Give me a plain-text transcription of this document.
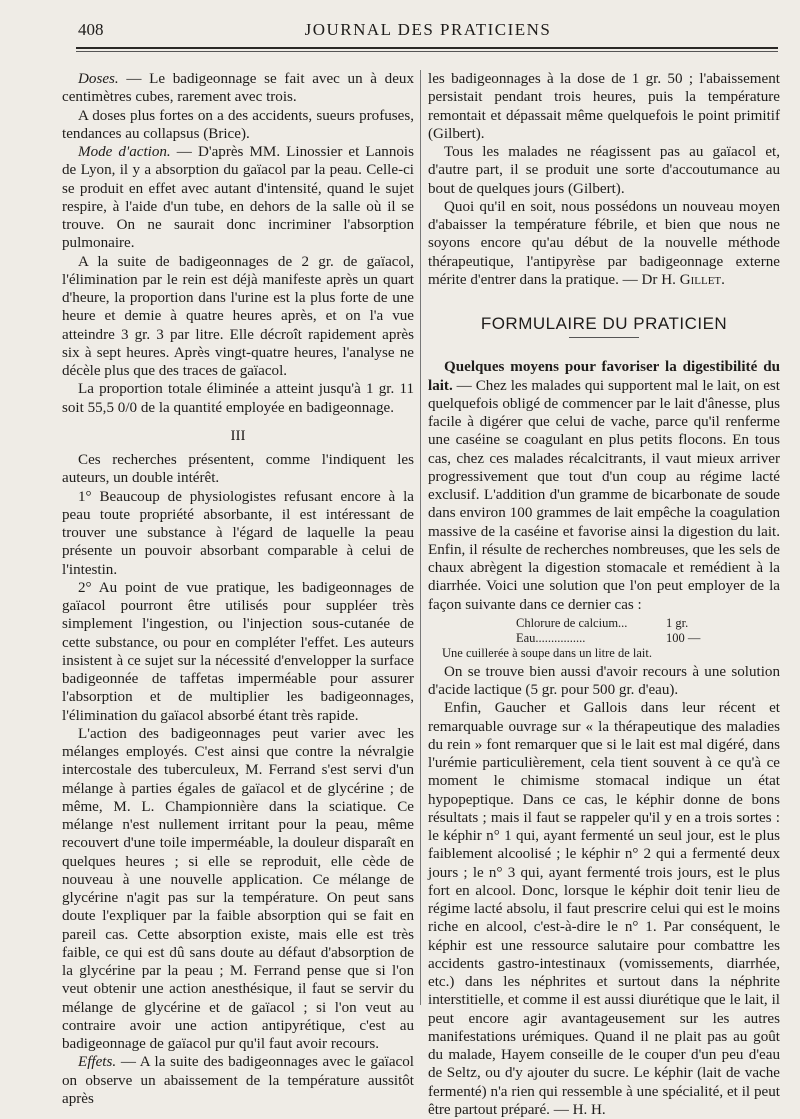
408	JOURNAL DES PRATICIENS

Doses. — Le badigeonnage se fait avec un à deux centimètres cubes, rarement avec trois.

A doses plus fortes on a des accidents, sueurs profuses, tendances au collapsus (Brice).

Mode d'action. — D'après MM. Linossier et Lannois de Lyon, il y a absorption du gaïacol par la peau. Celle-ci se produit en effet avec autant d'intensité, quand le sujet respire, à l'aide d'un tube, en dehors de la salle où il se trouve. On ne saurait donc incriminer l'absorption pulmonaire.

A la suite de badigeonnages de 2 gr. de gaïacol, l'élimination par le rein est déjà manifeste après un quart d'heure, la proportion dans l'urine est la plus forte de une heure et demie à quatre heures après, et on l'a vue atteindre 3 gr. 3 par litre. Elle décroît rapidement après six à sept heures. Après vingt-quatre heures, l'analyse ne décèle plus que des traces de gaïacol.

La proportion totale éliminée a atteint jusqu'à 1 gr. 11 soit 55,5 0/0 de la quantité employée en badigeonnage.

III

Ces recherches présentent, comme l'indiquent les auteurs, un double intérêt.

1° Beaucoup de physiologistes refusant encore à la peau toute propriété absorbante, il est intéressant de trouver une substance à l'égard de laquelle la peau présente un pouvoir absorbant comparable à celui de l'intestin.

2° Au point de vue pratique, les badigeonnages de gaïacol pourront être utilisés pour suppléer très simplement l'ingestion, ou l'injection sous-cutanée de cette substance, ou pour en compléter l'effet. Les auteurs insistent à ce sujet sur la nécessité d'envelopper la surface badigeonnée de taffetas imperméable pour assurer l'absorption et de multiplier les badigeonnages, l'élimination du gaïacol absorbé étant très rapide.

L'action des badigeonnages peut varier avec les mélanges employés. C'est ainsi que contre la névralgie intercostale des tuberculeux, M. Ferrand s'est servi d'un mélange à parties égales de gaïacol et de glycérine ; de même, M. L. Championnière dans la sciatique. Ce mélange n'est nullement irritant pour la peau, même recouvert d'une toile imperméable, la douleur disparaît en quelques heures ; si elle se reproduit, elle cède de nouveau à une nouvelle application. Ce mélange de glycérine n'agit pas sur la température. On peut sans doute l'expliquer par la faible absorption qui se fait en pareil cas. Cette absorption existe, mais elle est très faible, ce qui est dû sans doute au défaut d'absorption de la glycérine par la peau ; M. Ferrand pense que si l'on veut obtenir une action anesthésique, il faut se servir du mélange de glycérine et de gaïacol ; si l'on veut au contraire avoir une action antipyrétique, c'est au badigeonnage de gaïacol pur qu'il faut avoir recours.

Effets. — A la suite des badigeonnages avec le gaïacol on observe un abaissement de la température aussitôt après

les badigeonnages à la dose de 1 gr. 50 ; l'abaissement persistait pendant trois heures, puis la température remontait et dépassait même quelquefois le point primitif (Gilbert).

Tous les malades ne réagissent pas au gaïacol et, d'autre part, il se produit une sorte d'accoutumance au bout de quelques jours (Gilbert).

Quoi qu'il en soit, nous possédons un nouveau moyen d'abaisser la température fébrile, et bien que nous ne soyons encore qu'au début de la nouvelle méthode thérapeutique, l'antipyrèse par badigeonnage externe mérite d'entrer dans la pratique. — Dr H. Gillet.

FORMULAIRE DU PRATICIEN

Quelques moyens pour favoriser la digestibilité du lait. — Chez les malades qui supportent mal le lait, on est quelquefois obligé de commencer par le lait d'ânesse, plus facile à digérer que celui de vache, parce qu'il renferme une caséine se coagulant en plus petits flocons. En tous cas, chez ces malades récalcitrants, il vaut mieux arriver progressivement que tout d'un coup au régime lacté exclusif. L'addition d'un gramme de bicarbonate de soude dans environ 100 grammes de lait empêche la coagulation massive de la caséine et favorise ainsi la digestion du lait. Enfin, il résulte de recherches nombreuses, que les sels de chaux abrègent la digestion stomacale et remédient à la diarrhée. Voici une solution que l'on peut employer de la façon suivante dans ce dernier cas :

Chlorure de calcium...	1 gr.
Eau................	100 —
Une cuillerée à soupe dans un litre de lait.

On se trouve bien aussi d'avoir recours à une solution d'acide lactique (5 gr. pour 500 gr. d'eau).

Enfin, Gaucher et Gallois dans leur récent et remarquable ouvrage sur « la thérapeutique des maladies du rein » font remarquer que si le lait est mal digéré, dans l'urémie particulièrement, cela tient souvent à ce qu'à ce moment le chimisme stomacal indique un état hypopeptique. Dans ce cas, le képhir donne de bons résultats ; mais il faut se rappeler qu'il y en a trois sortes : le képhir n° 1 qui, ayant fermenté un seul jour, est le plus faiblement alcoolisé ; le képhir n° 2 qui a fermenté deux jours ; le n° 3 qui, ayant fermenté trois jours, est le plus fort en alcool. Donc, lorsque le képhir doit tenir lieu de régime lacté absolu, il faut prescrire celui qui est le moins riche en alcool, c'est-à-dire le n° 1. Par conséquent, le képhir est une ressource salutaire pour combattre les accidents gastro-intestinaux (vomissements, diarrhée, etc.) dans les néphrites et surtout dans la néphrite interstitielle, et comme il est aussi diurétique que le lait, il peut encore agir avantageusement sur les autres manifestations urémiques. Quand il ne plait pas au goût du malade, Hayem conseille de le couper d'un peu d'eau de Seltz, ou d'y ajouter du sucre. Le képhir (lait de vache fermenté) n'a rien qui ressemble à une spécialité, et il peut être partout préparé. — H. H.
